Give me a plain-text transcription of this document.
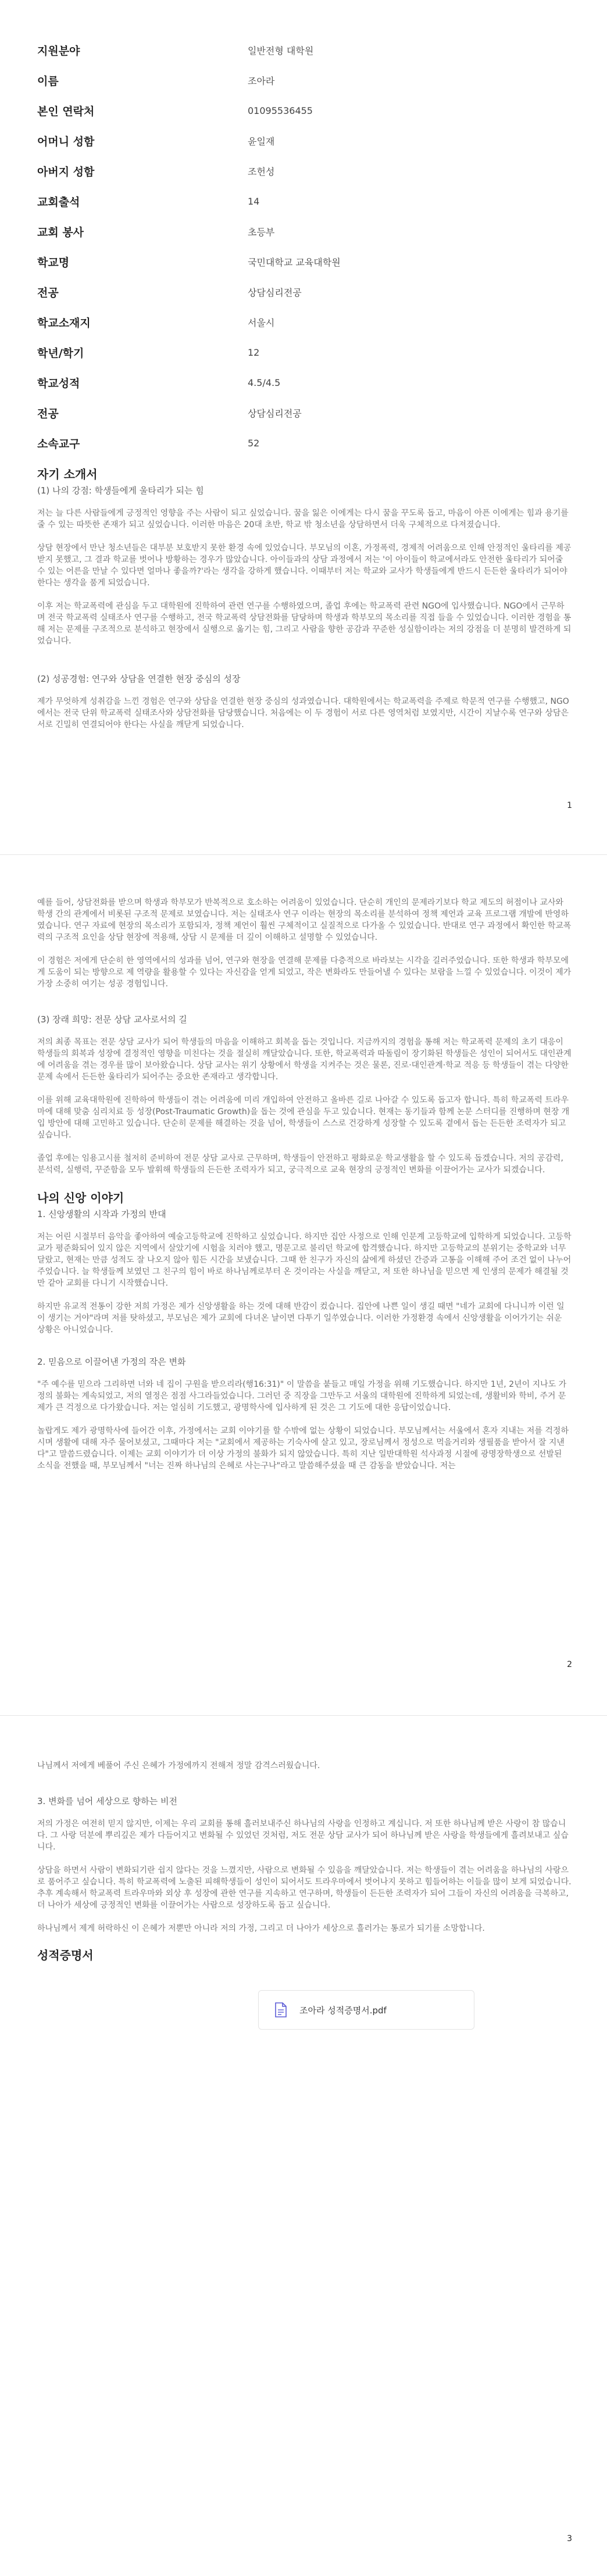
지원분야	일반전형 대학원
이름	조아라
본인 연락처	01095536455
어머니 성함	윤일재
아버지 성함	조헌성
교회출석	14
교회 봉사	초등부
학교명	국민대학교 교육대학원
전공	상담심리전공
학교소재지	서울시
학년/학기	12
학교성적	4.5/4.5
전공	상담심리전공
소속교구	52
자기 소개서

(1) 나의 강점: 학생들에게 울타리가 되는 힘

저는 늘 다른 사람들에게 긍정적인 영향을 주는 사람이 되고 싶었습니다. 꿈을 잃은 이에게는 다시 꿈을 꾸도록 돕고, 마음이 아픈 이에게는 힘과 용기를 줄 수 있는 따뜻한 존재가 되고 싶었습니다. 이러한 마음은 20대 초반, 학교 밖 청소년을 상담하면서 더욱 구체적으로 다져졌습니다.

상담 현장에서 만난 청소년들은 대부분 보호받지 못한 환경 속에 있었습니다. 부모님의 이혼, 가정폭력, 경제적 어려움으로 인해 안정적인 울타리를 제공받지 못했고, 그 결과 학교를 벗어나 방황하는 경우가 많았습니다. 아이들과의 상담 과정에서 저는 '이 아이들이 학교에서라도 안전한 울타리가 되어줄 수 있는 어른을 만날 수 있다면 얼마나 좋을까?'라는 생각을 강하게 했습니다. 이때부터 저는 학교와 교사가 학생들에게 반드시 든든한 울타리가 되어야 한다는 생각을 품게 되었습니다.

이후 저는 학교폭력에 관심을 두고 대학원에 진학하여 관련 연구를 수행하였으며, 졸업 후에는 학교폭력 관련 NGO에 입사했습니다. NGO에서 근무하며 전국 학교폭력 실태조사 연구를 수행하고, 전국 학교폭력 상담전화를 담당하며 학생과 학부모의 목소리를 직접 들을 수 있었습니다. 이러한 경험을 통해 저는 문제를 구조적으로 분석하고 현장에서 실행으로 옮기는 힘, 그리고 사람을 향한 공감과 꾸준한 성실함이라는 저의 강점을 더 분명히 발견하게 되었습니다.

(2) 성공경험: 연구와 상담을 연결한 현장 중심의 성장

제가 무엇하게 성취감을 느낀 경험은 연구와 상담을 연결한 현장 중심의 성과였습니다. 대학원에서는 학교폭력을 주제로 학문적 연구를 수행했고, NGO에서는 전국 단위 학교폭력 실태조사와 상담전화를 담당했습니다. 처음에는 이 두 경험이 서로 다른 영역처럼 보였지만, 시간이 지날수록 연구와 상담은 서로 긴밀히 연결되어야 한다는 사실을 깨닫게 되었습니다.

1

예를 들어, 상담전화를 받으며 학생과 학부모가 반복적으로 호소하는 어려움이 있었습니다. 단순히 개인의 문제라기보다 학교 제도의 허점이나 교사와 학생 간의 관계에서 비롯된 구조적 문제로 보였습니다. 저는 실태조사 연구 이라는 현장의 목소리를 분석하여 정책 제언과 교육 프로그램 개발에 반영하였습니다. 연구 자료에 현장의 목소리가 포함되자, 정책 제언이 훨씬 구체적이고 실질적으로 다가올 수 있었습니다. 반대로 연구 과정에서 확인한 학교폭력의 구조적 요인을 상담 현장에 적용해, 상담 시 문제를 더 깊이 이해하고 설명할 수 있었습니다.

이 경험은 저에게 단순히 한 영역에서의 성과를 넘어, 연구와 현장을 연결해 문제를 다층적으로 바라보는 시각을 길러주었습니다. 또한 학생과 학부모에게 도움이 되는 방향으로 제 역량을 활용할 수 있다는 자신감을 얻게 되었고, 작은 변화라도 만들어낼 수 있다는 보람을 느낄 수 있었습니다. 이것이 제가 가장 소중히 여기는 성공 경험입니다.

(3) 장래 희망: 전문 상담 교사로서의 길

저의 최종 목표는 전문 상담 교사가 되어 학생들의 마음을 이해하고 회복을 돕는 것입니다. 지금까지의 경험을 통해 저는 학교폭력 문제의 초기 대응이 학생들의 회복과 성장에 결정적인 영향을 미친다는 것을 절실히 깨달았습니다. 또한, 학교폭력과 따돌림이 장기화된 학생들은 성인이 되어서도 대인관계에 어려움을 겪는 경우를 많이 보아왔습니다. 상담 교사는 위기 상황에서 학생을 지켜주는 것은 물론, 진로·대인관계·학교 적응 등 학생들이 겪는 다양한 문제 속에서 든든한 울타리가 되어주는 중요한 존재라고 생각합니다.

이를 위해 교육대학원에 진학하여 학생들이 겪는 어려움에 미리 개입하여 안전하고 올바른 길로 나아갈 수 있도록 돕고자 합니다. 특히 학교폭력 트라우마에 대해 맞춤 심리치료 등 성장(Post-Traumatic Growth)을 돕는 것에 관심을 두고 있습니다. 현재는 동기들과 함께 논문 스터디를 진행하며 현장 개입 방안에 대해 고민하고 있습니다. 단순히 문제를 해결하는 것을 넘어, 학생들이 스스로 건강하게 성장할 수 있도록 곁에서 돕는 든든한 조력자가 되고 싶습니다.

졸업 후에는 임용고시를 철저히 준비하여 전문 상담 교사로 근무하며, 학생들이 안전하고 평화로운 학교생활을 할 수 있도록 돕겠습니다. 저의 공감력, 분석력, 실행력, 꾸준함을 모두 발휘해 학생들의 든든한 조력자가 되고, 궁극적으로 교육 현장의 긍정적인 변화를 이끌어가는 교사가 되겠습니다.

나의 신앙 이야기

1. 신앙생활의 시작과 가정의 반대

저는 어린 시절부터 음악을 좋아하여 예술고등학교에 진학하고 싶었습니다. 하지만 집안 사정으로 인해 인문계 고등학교에 입학하게 되었습니다. 고등학교가 평준화되어 있지 않은 지역에서 살았기에 시험을 치러야 했고, 명문고로 불리던 학교에 합격했습니다. 하지만 고등학교의 분위기는 중학교와 너무 달랐고, 현재는 만큼 성적도 잘 나오지 않아 힘든 시간을 보냈습니다. 그때 한 친구가 자신의 삶에게 하셨던 간증과 고통을 이해해 주어 조건 없이 나누어주었습니다. 늘 학생들께 보였던 그 친구의 힘이 바로 하나님께로부터 온 것이라는 사실을 깨닫고, 저 또한 하나님을 믿으면 제 인생의 문제가 해결될 것만 같아 교회를 다니기 시작했습니다.

하지만 유교적 전통이 강한 저희 가정은 제가 신앙생활을 하는 것에 대해 반감이 컸습니다. 집안에 나쁜 일이 생길 때면 "네가 교회에 다니니까 이런 일이 생기는 거야"라며 저를 탓하셨고, 부모님은 제가 교회에 다녀온 날이면 다투기 일쑤였습니다. 이러한 가정환경 속에서 신앙생활을 이어가기는 쉬운 상황은 아니었습니다.

2. 믿음으로 이끌어낸 가정의 작은 변화

"주 예수를 믿으라 그리하면 너와 네 집이 구원을 받으리라(행16:31)" 이 말씀을 붙들고 매일 가정을 위해 기도했습니다. 하지만 1년, 2년이 지나도 가정의 불화는 계속되었고, 저의 열정은 점점 사그라들었습니다. 그러던 중 직장을 그만두고 서울의 대학원에 진학하게 되었는데, 생활비와 학비, 주거 문제가 큰 걱정으로 다가왔습니다. 저는 얼심히 기도했고, 광명학사에 입사하게 된 것은 그 기도에 대한 응답이었습니다.

놀랍게도 제가 광명학사에 들어간 이후, 가정에서는 교회 이야기를 할 수밖에 없는 상황이 되었습니다. 부모님께서는 서울에서 혼자 지내는 저를 걱정하시며 생활에 대해 자주 물어보셨고, 그때마다 저는 "교회에서 제공하는 기숙사에 살고 있고, 장로님께서 정성으로 먹을거리와 생필품을 받아서 잘 지낸다"고 말씀드렸습니다. 이제는 교회 이야기가 더 이상 가정의 불화가 되지 않았습니다. 특히 지난 일반대학원 석사과정 시절에 광명장학생으로 선발된 소식을 전했을 때, 부모님께서 "너는 진짜 하나님의 은혜로 사는구나"라고 말씀해주셨을 때 큰 감동을 받았습니다. 저는

2

나님께서 저에게 베풀어 주신 은혜가 가정에까지 전해져 정말 감격스러웠습니다.

3. 변화를 넘어 세상으로 향하는 비전

저의 가정은 여전히 믿지 않지만, 이제는 우리 교회를 통해 흘러보내주신 하나님의 사랑을 인정하고 계십니다. 저 또한 하나님께 받은 사랑이 참 많습니다. 그 사랑 덕분에 뿌리깊은 제가 다듬어지고 변화될 수 있었던 것처럼, 저도 전문 상담 교사가 되어 하나님께 받은 사랑을 학생들에게 흘려보내고 싶습니다.

상담을 하면서 사람이 변화되기란 쉽지 않다는 것을 느꼈지만, 사람으로 변화될 수 있음을 깨달았습니다. 저는 학생들이 겪는 어려움을 하나님의 사랑으로 품어주고 싶습니다. 특히 학교폭력에 노출된 피해학생들이 성인이 되어서도 트라우마에서 벗어나지 못하고 힘들어하는 이들을 많이 보게 되었습니다. 추후 계속해서 학교폭력 트라우마와 외상 후 성장에 관한 연구를 지속하고 연구하며, 학생들이 든든한 조력자가 되어 그들이 자신의 어려움을 극복하고, 더 나아가 세상에 긍정적인 변화를 이끌어가는 사람으로 성장하도록 돕고 싶습니다.

하나님께서 제게 허락하신 이 은혜가 저뿐만 아니라 저의 가정, 그리고 더 나아가 세상으로 흘러가는 통로가 되기를 소망합니다.

성적증명서
조아라 성적증명서.pdf
3
